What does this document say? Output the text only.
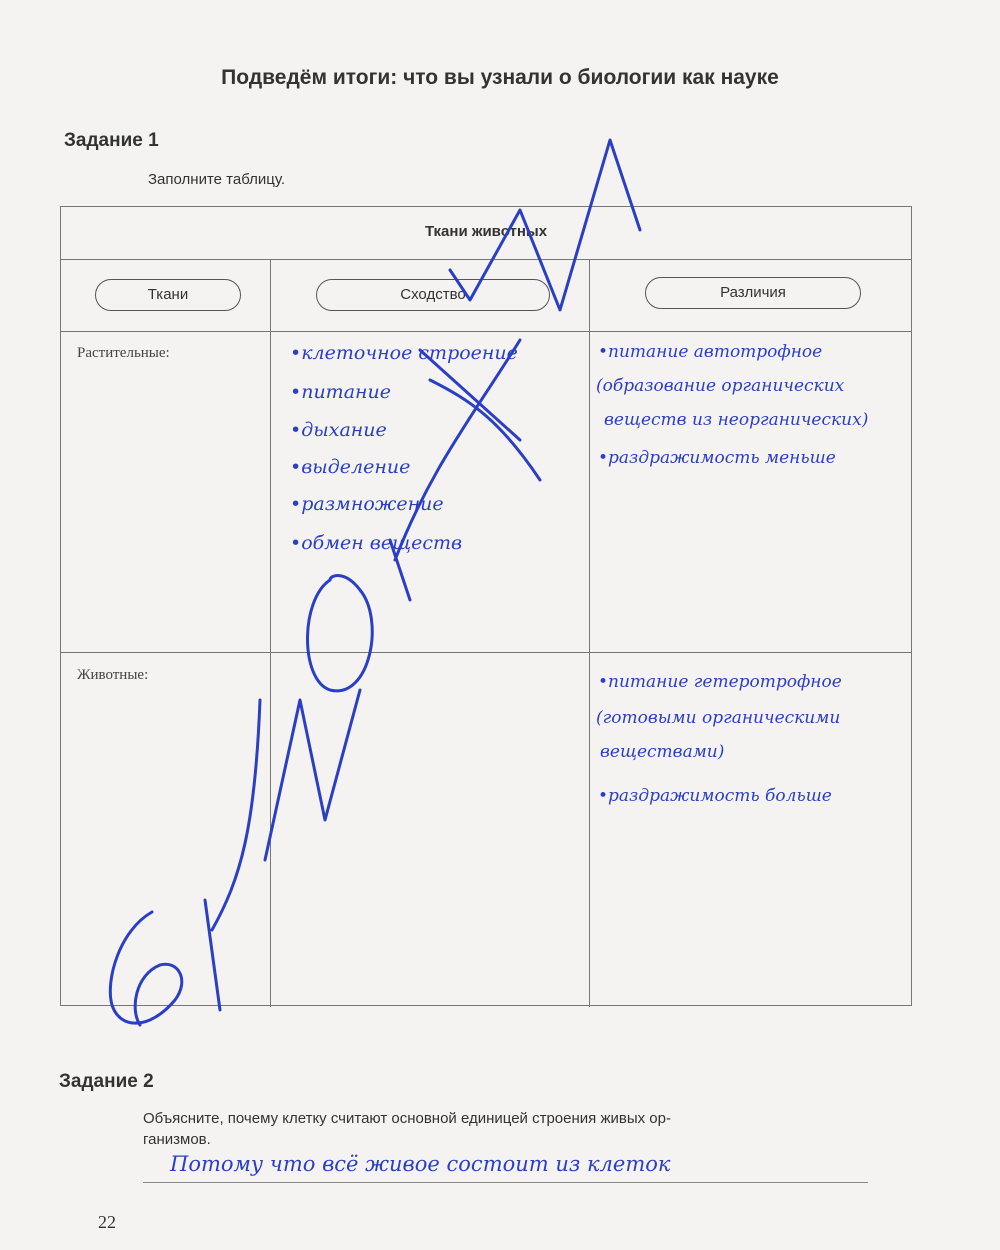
Подведём итоги: что вы узнали о биологии как науке
Задание 1
Заполните таблицу.
Ткани животных
Ткани	Сходство	Различия
Растительные:
Животные:
•клеточное строение
•питание
•дыхание
•выделение
•размножение
•обмен веществ
•питание автотрофное
(образование органических
веществ из неорганических)
•раздражимость меньше
•питание гетеротрофное
(готовыми органическими
веществами)
•раздражимость больше
Задание 2
Объясните, почему клетку считают основной единицей строения живых ор-
ганизмов.
Потому что всё живое состоит из клеток
22
